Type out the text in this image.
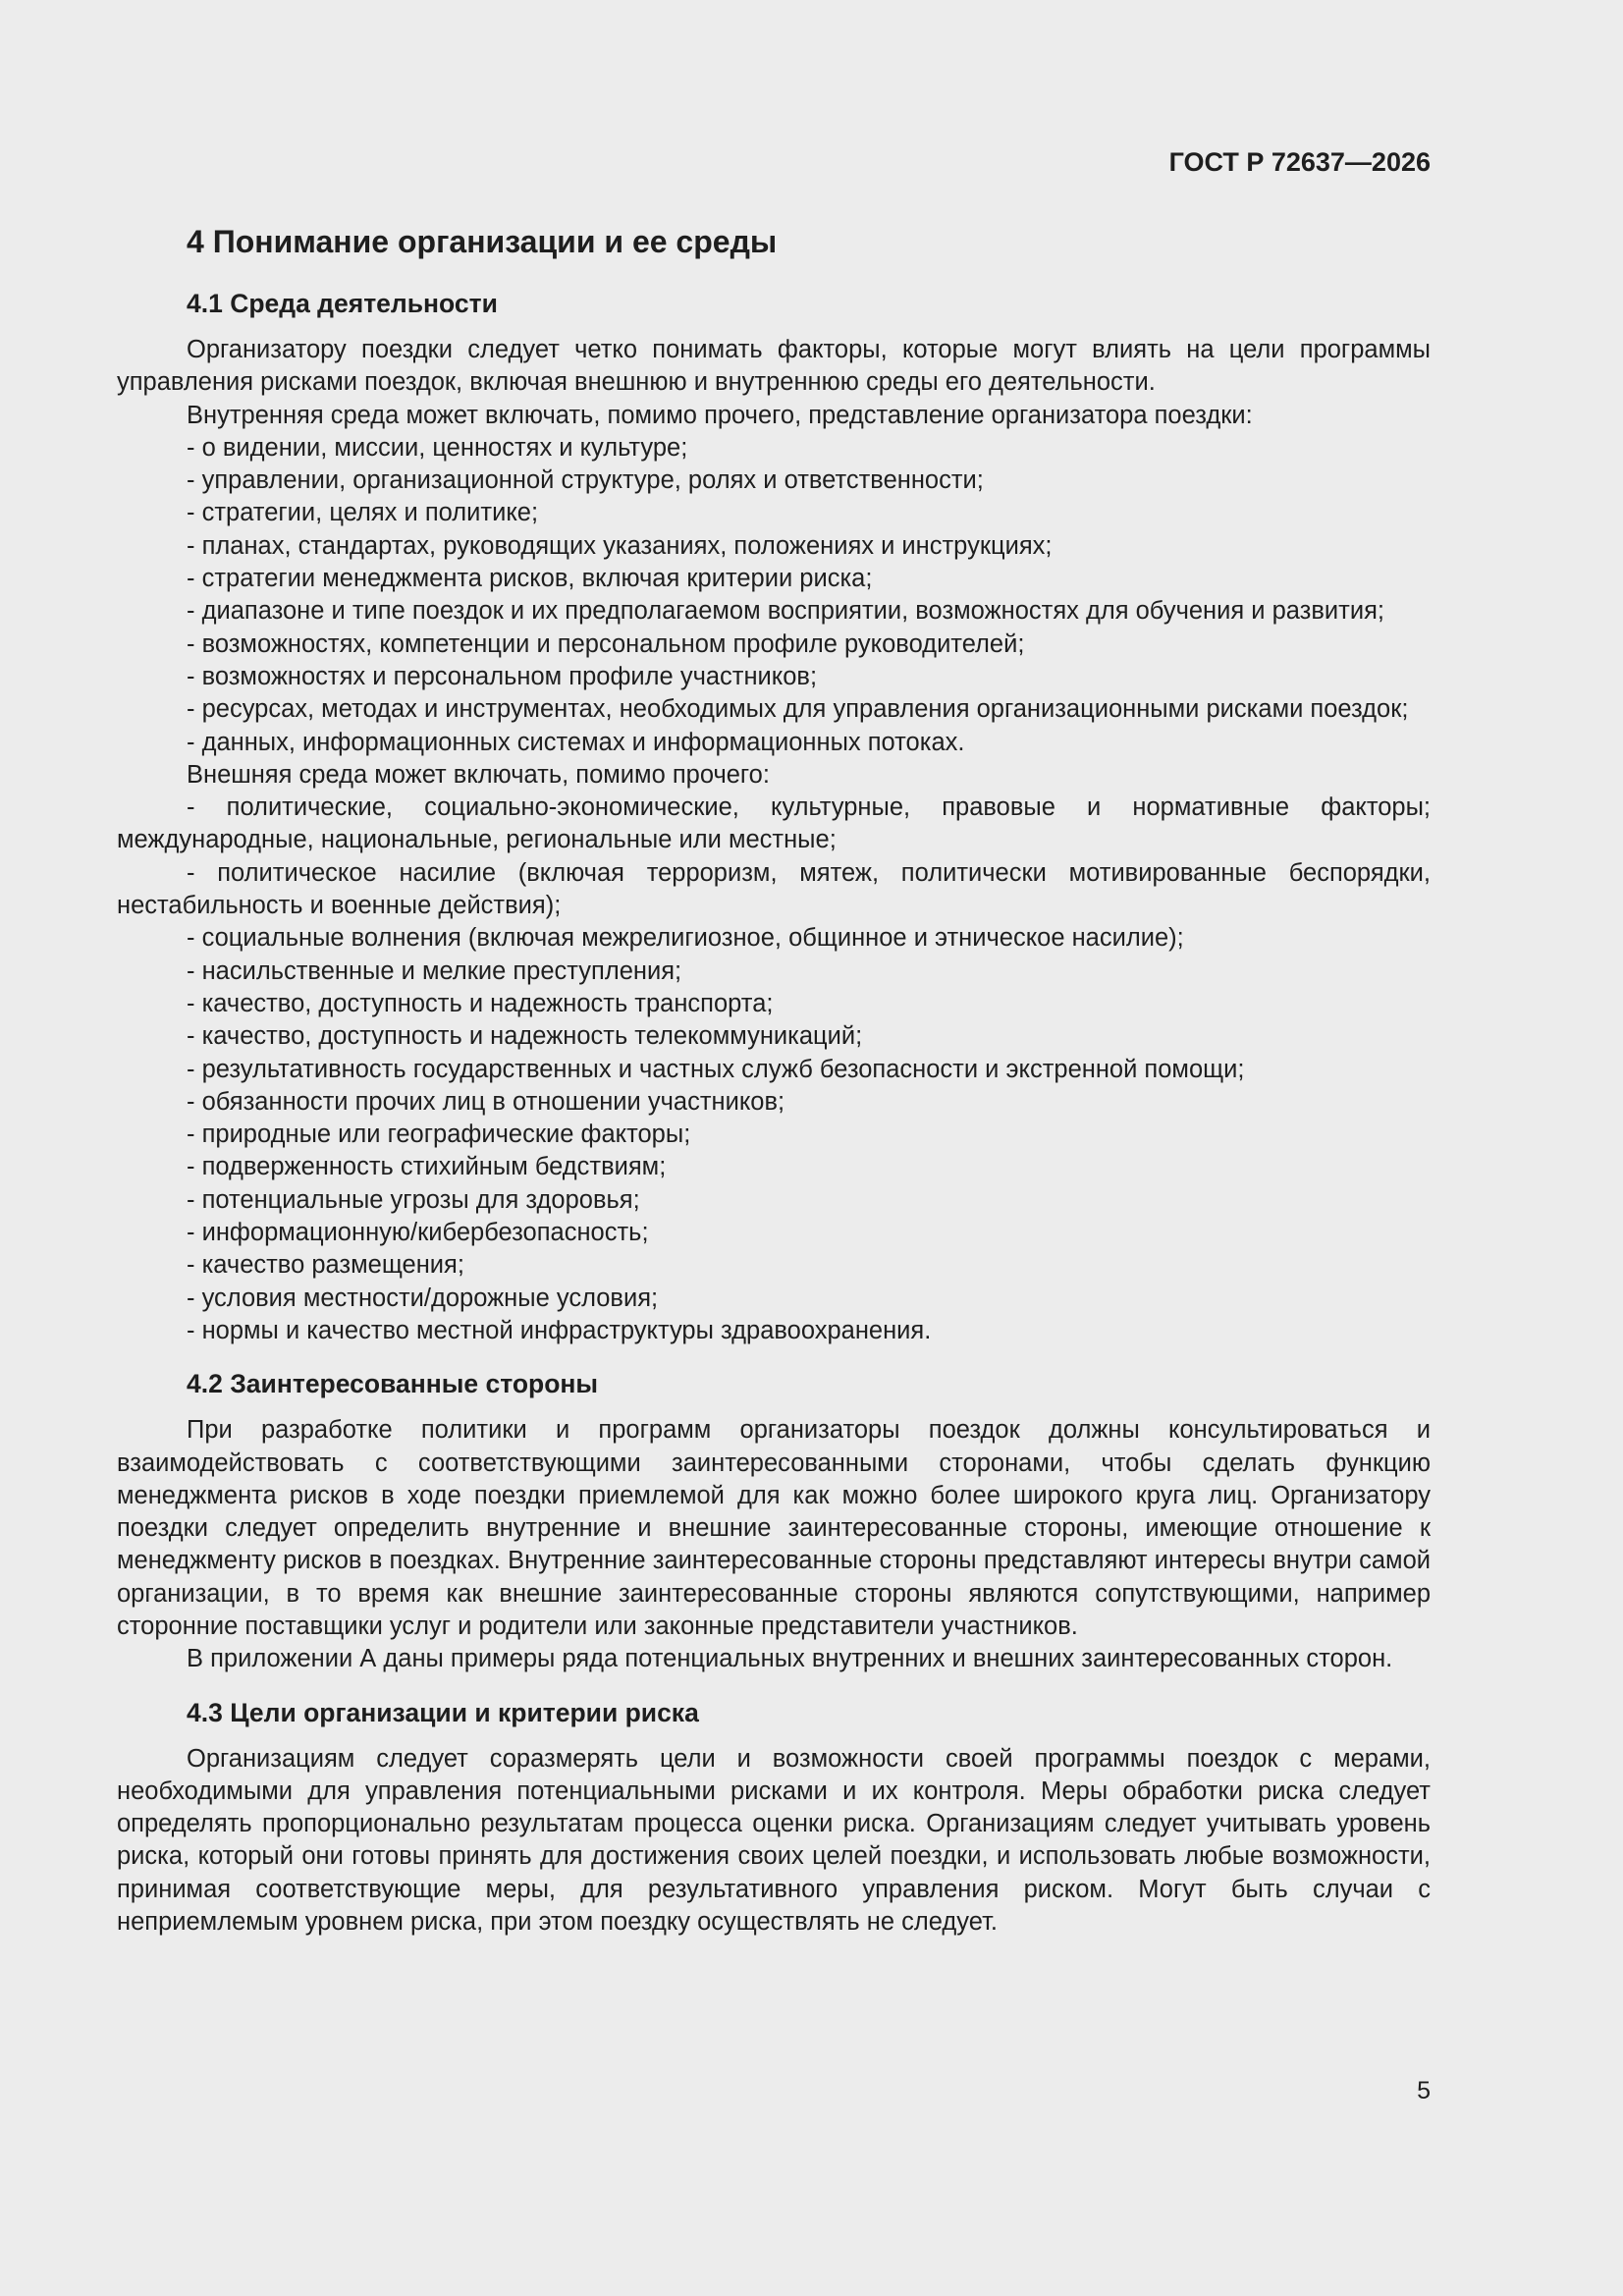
ГОСТ Р 72637—2026
4 Понимание организации и ее среды
4.1 Среда деятельности

Организатору поездки следует четко понимать факторы, которые могут влиять на цели программы управления рисками поездок, включая внешнюю и внутреннюю среды его деятельности.

Внутренняя среда может включать, помимо прочего, представление организатора поездки:

- о видении, миссии, ценностях и культуре;

- управлении, организационной структуре, ролях и ответственности;

- стратегии, целях и политике;

- планах, стандартах, руководящих указаниях, положениях и инструкциях;

- стратегии менеджмента рисков, включая критерии риска;

- диапазоне и типе поездок и их предполагаемом восприятии, возможностях для обучения и развития;

- возможностях, компетенции и персональном профиле руководителей;

- возможностях и персональном профиле участников;

- ресурсах, методах и инструментах, необходимых для управления организационными рисками поездок;

- данных, информационных системах и информационных потоках.

Внешняя среда может включать, помимо прочего:

- политические, социально-экономические, культурные, правовые и нормативные факторы; международные, национальные, региональные или местные;

- политическое насилие (включая терроризм, мятеж, политически мотивированные беспорядки, нестабильность и военные действия);

- социальные волнения (включая межрелигиозное, общинное и этническое насилие);

- насильственные и мелкие преступления;

- качество, доступность и надежность транспорта;

- качество, доступность и надежность телекоммуникаций;

- результативность государственных и частных служб безопасности и экстренной помощи;

- обязанности прочих лиц в отношении участников;

- природные или географические факторы;

- подверженность стихийным бедствиям;

- потенциальные угрозы для здоровья;

- информационную/кибербезопасность;

- качество размещения;

- условия местности/дорожные условия;

- нормы и качество местной инфраструктуры здравоохранения.

4.2 Заинтересованные стороны

При разработке политики и программ организаторы поездок должны консультироваться и взаимодействовать с соответствующими заинтересованными сторонами, чтобы сделать функцию менеджмента рисков в ходе поездки приемлемой для как можно более широкого круга лиц. Организатору поездки следует определить внутренние и внешние заинтересованные стороны, имеющие отношение к менеджменту рисков в поездках. Внутренние заинтересованные стороны представляют интересы внутри самой организации, в то время как внешние заинтересованные стороны являются сопутствующими, например сторонние поставщики услуг и родители или законные представители участников.

В приложении А даны примеры ряда потенциальных внутренних и внешних заинтересованных сторон.

4.3 Цели организации и критерии риска

Организациям следует соразмерять цели и возможности своей программы поездок с мерами, необходимыми для управления потенциальными рисками и их контроля. Меры обработки риска следует определять пропорционально результатам процесса оценки риска. Организациям следует учитывать уровень риска, который они готовы принять для достижения своих целей поездки, и использовать любые возможности, принимая соответствующие меры, для результативного управления риском. Могут быть случаи с неприемлемым уровнем риска, при этом поездку осуществлять не следует.

5
